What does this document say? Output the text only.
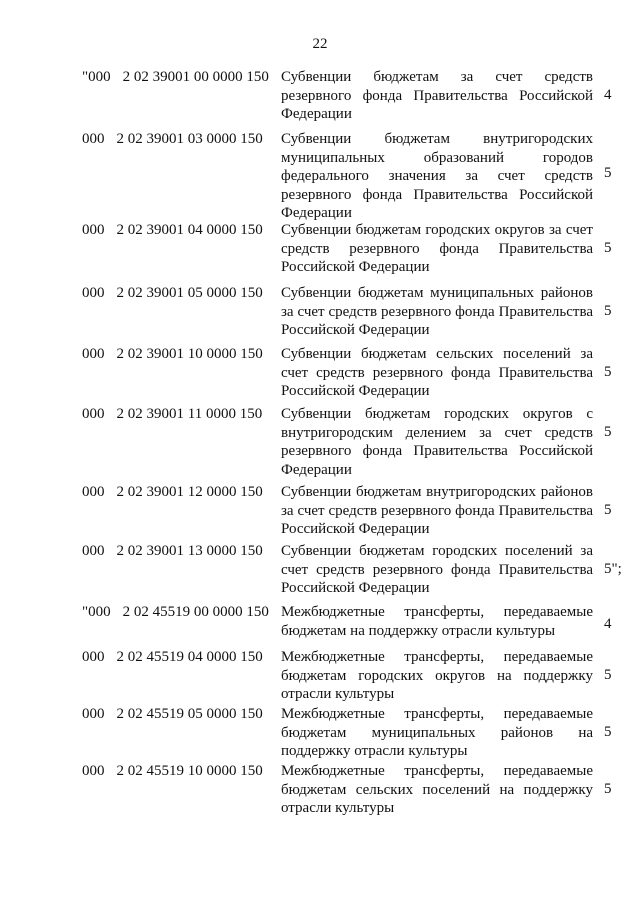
22
"000 2 02 39001 00 0000 150 Субвенции бюджетам за счет средств резервного фонда Правительства Российской Федерации
4
000 2 02 39001 03 0000 150 Субвенции бюджетам внутригородских муниципальных образований городов федерального значения за счет средств резервного фонда Правительства Российской Федерации
5
000 2 02 39001 04 0000 150 Субвенции бюджетам городских округов за счет средств резервного фонда Правительства Российской Федерации
5
000 2 02 39001 05 0000 150 Субвенции бюджетам муниципальных районов за счет средств резервного фонда Правительства Российской Федерации
5
000 2 02 39001 10 0000 150 Субвенции бюджетам сельских поселений за счет средств резервного фонда Правительства Российской Федерации
5
000 2 02 39001 11 0000 150 Субвенции бюджетам городских округов с внутригородским делением за счет средств резервного фонда Правительства Российской Федерации
5
000 2 02 39001 12 0000 150 Субвенции бюджетам внутригородских районов за счет средств резервного фонда Правительства Российской Федерации
5
000 2 02 39001 13 0000 150 Субвенции бюджетам городских поселений за счет средств резервного фонда Правительства Российской Федерации
5";
"000 2 02 45519 00 0000 150 Межбюджетные трансферты, передаваемые бюджетам на поддержку отрасли культуры	4
000 2 02 45519 04 0000 150 Межбюджетные трансферты, передаваемые бюджетам городских округов на поддержку отрасли культуры
5
000 2 02 45519 05 0000 150 Межбюджетные трансферты, передаваемые бюджетам муниципальных районов на поддержку отрасли культуры
5
000 2 02 45519 10 0000 150 Межбюджетные трансферты, передаваемые бюджетам сельских поселений на поддержку отрасли культуры
5
